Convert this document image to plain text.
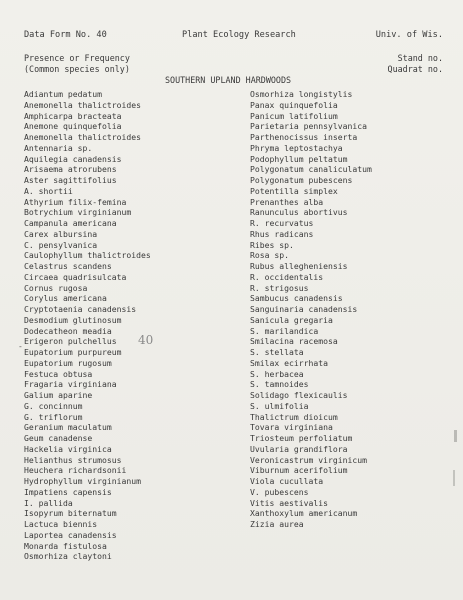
Data Form No. 40	Plant Ecology Research	Univ. of Wis.
Presence or Frequency
(Common species only)
Stand no.
Quadrat no.
SOUTHERN UPLAND HARDWOODS
Adiantum pedatum
Anemonella thalictroides
Amphicarpa bracteata
Anemone quinquefolia
Anemonella thalictroides
Antennaria sp.
Aquilegia canadensis
Arisaema atrorubens
Aster sagittifolius
A. shortii
Athyrium filix-femina
Botrychium virginianum
Campanula americana
Carex albursina
C. pensylvanica
Caulophyllum thalictroides
Celastrus scandens
Circaea quadrisulcata
Cornus rugosa
Corylus americana
Cryptotaenia canadensis
Desmodium glutinosum
Dodecatheon meadia
Erigeron pulchellus
Eupatorium purpureum
Eupatorium rugosum
Festuca obtusa
Fragaria virginiana
Galium aparine
G. concinnum
G. triflorum
Geranium maculatum
Geum canadense
Hackelia virginica
Helianthus strumosus
Heuchera richardsonii
Hydrophyllum virginianum
Impatiens capensis
I. pallida
Isopyrum biternatum
Lactuca biennis
Laportea canadensis
Monarda fistulosa
Osmorhiza claytoni
Osmorhiza longistylis
Panax quinquefolia
Panicum latifolium
Parietaria pennsylvanica
Parthenocissus inserta
Phryma leptostachya
Podophyllum peltatum
Polygonatum canaliculatum
Polygonatum pubescens
Potentilla simplex
Prenanthes alba
Ranunculus abortivus
R. recurvatus
Rhus radicans
Ribes sp.
Rosa sp.
Rubus allegheniensis
R. occidentalis
R. strigosus
Sambucus canadensis
Sanguinaria canadensis
Sanicula gregaria
S. marilandica
Smilacina racemosa
S. stellata
Smilax ecirrhata
S. herbacea
S. tamnoides
Solidago flexicaulis
S. ulmifolia
Thalictrum dioicum
Tovara virginiana
Triosteum perfoliatum
Uvularia grandiflora
Veronicastrum virginicum
Viburnum acerifolium
Viola cucullata
V. pubescens
Vitis aestivalis
Xanthoxylum americanum
Zizia aurea
-	40
